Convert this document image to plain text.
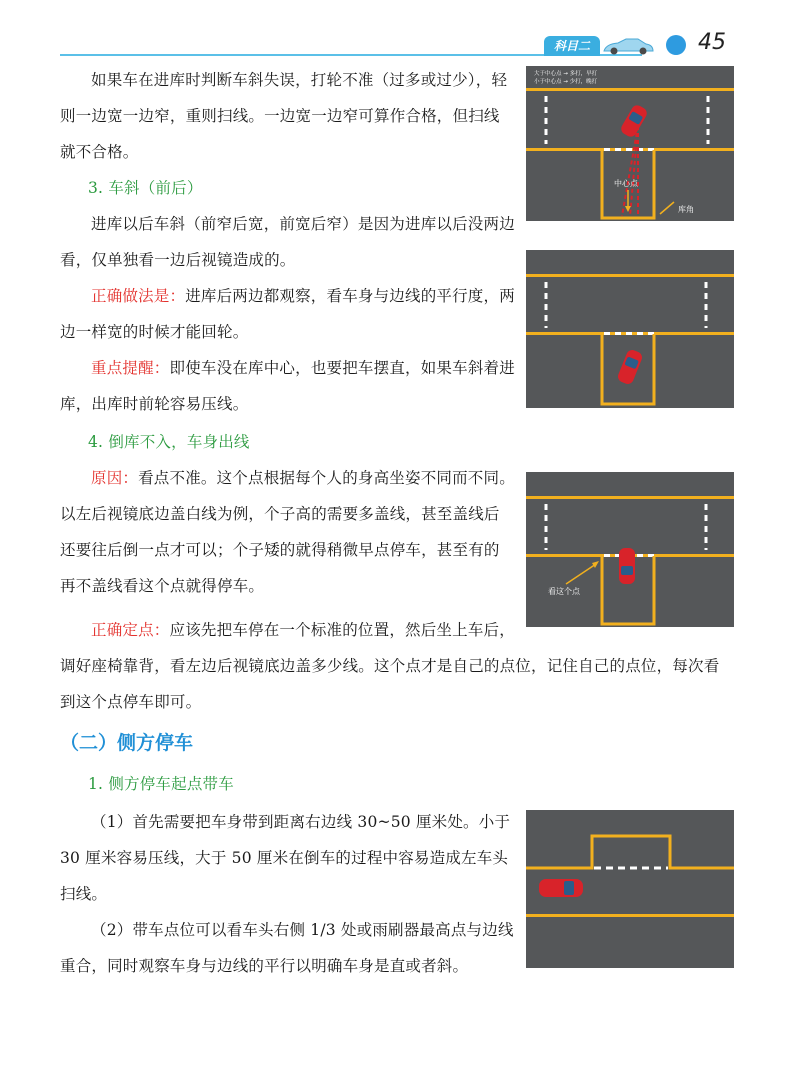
科目二	45
如果车在进库时判断车斜失误，打轮不准（过多或过少），轻则一边宽一边窄，重则扫线。一边宽一边窄可算作合格，但扫线就不合格。
3. 车斜（前后）
进库以后车斜（前窄后宽，前宽后窄）是因为进库以后没两边看，仅单独看一边后视镜造成的。
正确做法是：进库后两边都观察，看车身与边线的平行度，两边一样宽的时候才能回轮。
重点提醒：即使车没在库中心，也要把车摆直，如果车斜着进库，出库时前轮容易压线。
4. 倒库不入，车身出线
原因：看点不准。这个点根据每个人的身高坐姿不同而不同。以左后视镜底边盖白线为例，个子高的需要多盖线，甚至盖线后还要往后倒一点才可以；个子矮的就得稍微早点停车，甚至有的再不盖线看这个点就得停车。
正确定点：应该先把车停在一个标准的位置，然后坐上车后，
调好座椅靠背，看左边后视镜底边盖多少线。这个点才是自己的点位，记住自己的点位，每次看到这个点停车即可。
（二）侧方停车
1. 侧方停车起点带车
（1）首先需要把车身带到距离右边线 30~50 厘米处。小于 30 厘米容易压线，大于 50 厘米在倒车的过程中容易造成左车头扫线。
（2）带车点位可以看车头右侧 1/3 处或雨刷器最高点与边线重合，同时观察车身与边线的平行以明确车身是直或者斜。
大于中心点 → 多打，早打
小于中心点 → 少打，晚打
中心点
库角
看这个点
